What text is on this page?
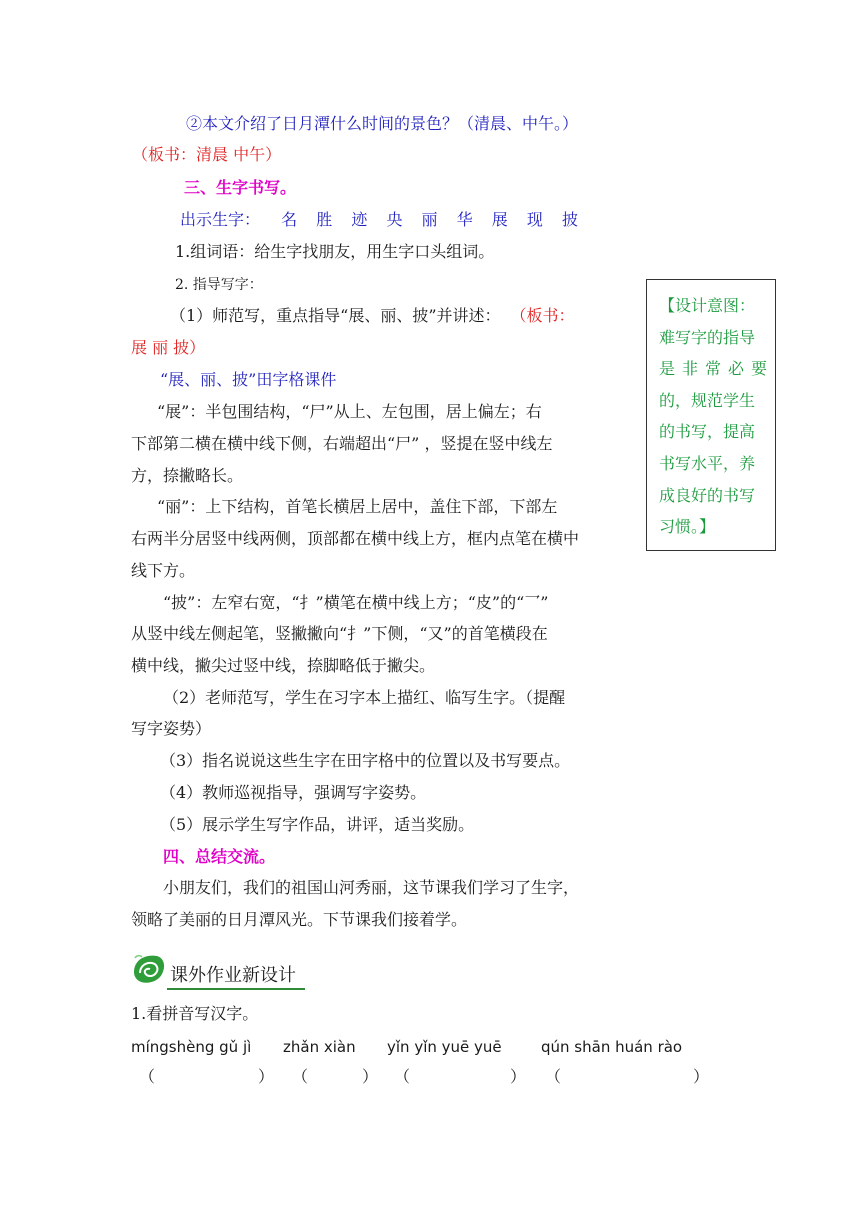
②本文介绍了日月潭什么时间的景色？（清晨、中午。）
（板书：清晨 中午）
三、生字书写。
出示生字： 名 胜 迹 央 丽 华 展 现 披
1.组词语：给生字找朋友，用生字口头组词。
2. 指导写字：
（1）师范写，重点指导“展、丽、披”并讲述： （板书：
展 丽 披）
“展、丽、披”田字格课件
“展”：半包围结构，“尸”从上、左包围，居上偏左；右
下部第二横在横中线下侧，右端超出“尸” ，竖提在竖中线左
方，捺撇略长。
“丽”：上下结构，首笔长横居上居中，盖住下部，下部左
右两半分居竖中线两侧，顶部都在横中线上方，框内点笔在横中
线下方。
“披”：左窄右宽，“扌”横笔在横中线上方；“皮”的“乛”
从竖中线左侧起笔，竖撇撇向“扌”下侧，“又”的首笔横段在
横中线，撇尖过竖中线，捺脚略低于撇尖。
（2）老师范写，学生在习字本上描红、临写生字。（提醒
写字姿势）
（3）指名说说这些生字在田字格中的位置以及书写要点。
（4）教师巡视指导，强调写字姿势。
（5）展示学生写字作品，讲评，适当奖励。
四、总结交流。
小朋友们，我们的祖国山河秀丽，这节课我们学习了生字，
领略了美丽的日月潭风光。下节课我们接着学。
【设计意图：
难写字的指导
是非常必要
的，规范学生
的书写，提高
书写水平，养
成良好的书写
习惯。】
课外作业新设计
1.看拼音写汉字。
míngshèng gǔ jì zhǎn xiàn yǐn yǐn yuē yuē	qún shān huán rào
（	） （	） （	） （	）
